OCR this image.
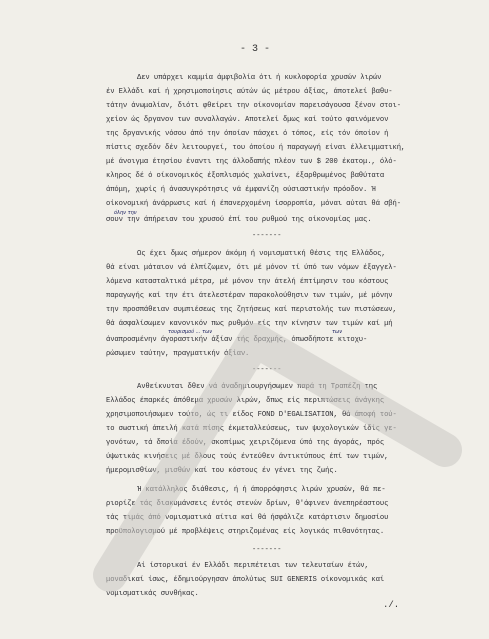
- 3 -
Δεν υπάρχει καμμία άμφιβολία ότι ή κυκλοφορία χρυσών λιρών
έν Ελλάδι καί ή χρησιμοποίησις αύτών ώς μέτρου άξίας, άποτελεί βαθυ-
τάτην άνωμαλίαν, διότι φθείρει την οίκονομίαν παρεισάγουσα ξένον στοι-
χείον ώς δργανον των συναλλαγών. Αποτελεί δμως καί τούτο φαινόμενον
της δργανικής νόσου άπό την όποίαν πάσχει ό τόπος, είς τόν όποίον ή
πίστις σχεδόν δέν λειτουργεί, του όποίου ή παραγωγή είναι έλλειμματική,
μέ άνοιγμα έτησίου έναντι της άλλοδαπής πλέον των $ 200 έκατομ., όλό-
κληρος δέ ό οίκονομικός έξοπλισμός χωλαίνει, έξαρθρωμένος βαθύτατα
άπόμη, χωρίς ή άνασυγκρότησις νά έμφανίζη ούσιαστικήν πρόοδον. Ή
οίκονομική άνάρρωσις καί ή έπανερχομένη ίσορροπία, μόναι αύται θά σβή-
όλην την
σουν την άπήρειαν του χρυσού έπί του ρυθμού της οίκονομίας μας.
-------
Ως έχει δμως σήμερον άκόμη ή νομισματική θέσις της Ελλάδος,
θά είναι μάταιον νά έλπίζωμεν, ότι μέ μόνον τί ύπό των νόμων έξαγγελ-
λόμενα κατασταλτικά μέτρα, μέ μόνον την άτελή έπτίμησιν του κόστους
παραγωγής καί την έτι άτελεστέραν παρακολούθησιν των τιμών, μέ μόνην
την προσπάθειαν συμπιέσεως της ζητήσεως καί περιστολής των πιστώσεων,
θά άσφαλίσωμεν κανονικόν πως ρυθμόν είς την κίνησιν των τιμών καί μή
τουρισμού ... των	των
άναπροσμένην άγοραστικήν άξίαν τής δραχμής, όπωσδήποτε κιτοχυ-
ρώσωμεν ταύτην, πραγματικήν άξίαν.
-------
Ανθείκνυται δθεν νά άναδημιουργήσωμεν παρά τη Τραπέζη της
Ελλάδος έπαρκές άπόθεμα χρυσών λιρών, δπως είς περιπτώσεις άνάγκης
χρησιμοποιήσωμεν τούτο, ώς τι είδος FOND D'EGALISATION, θά άποφή τού-
το σωστική άπειλή κατά πίσης έκμεταλλεύσεως, των ψυχολογικών ίδίς γε-
γονότων, τά δποία έδούν, σκοπίμως χειριζόμενα ύπό της άγοράς, πρός
ύψωτικάς κινήσεις μέ δλους τούς έντεύθεν άντικτύπους έπί των τιμών,
ήμερομισθίων, μισθών καί του κόστους έν γένει της ζωής.
Ή κατάλληλος διάθεσις, ή ή άπορρόφησις λιρών χρυσών, θά πε-
ριορίζε τάς διακυμάνσεις έντός στενών δρίων, θ'άφινεν άνεπηρέαστους
τάς τιμάς άπό νομισματικά αίτια καί θά ήσφάλιζε κατάρτισιν δημοσίου
προϋπολογισμού μέ προβλέψεις στηριζομένας είς λογικάς πιθανότητας.
-------
Αί ίστορικαί έν Ελλάδι περιπέτειαι των τελευταίων έτών,
μοναδικαί ίσως, έδημιούργησαν άπολύτως SUI GENERIS οίκονομικάς καί
νομισματικάς συνθήκας.
./.
